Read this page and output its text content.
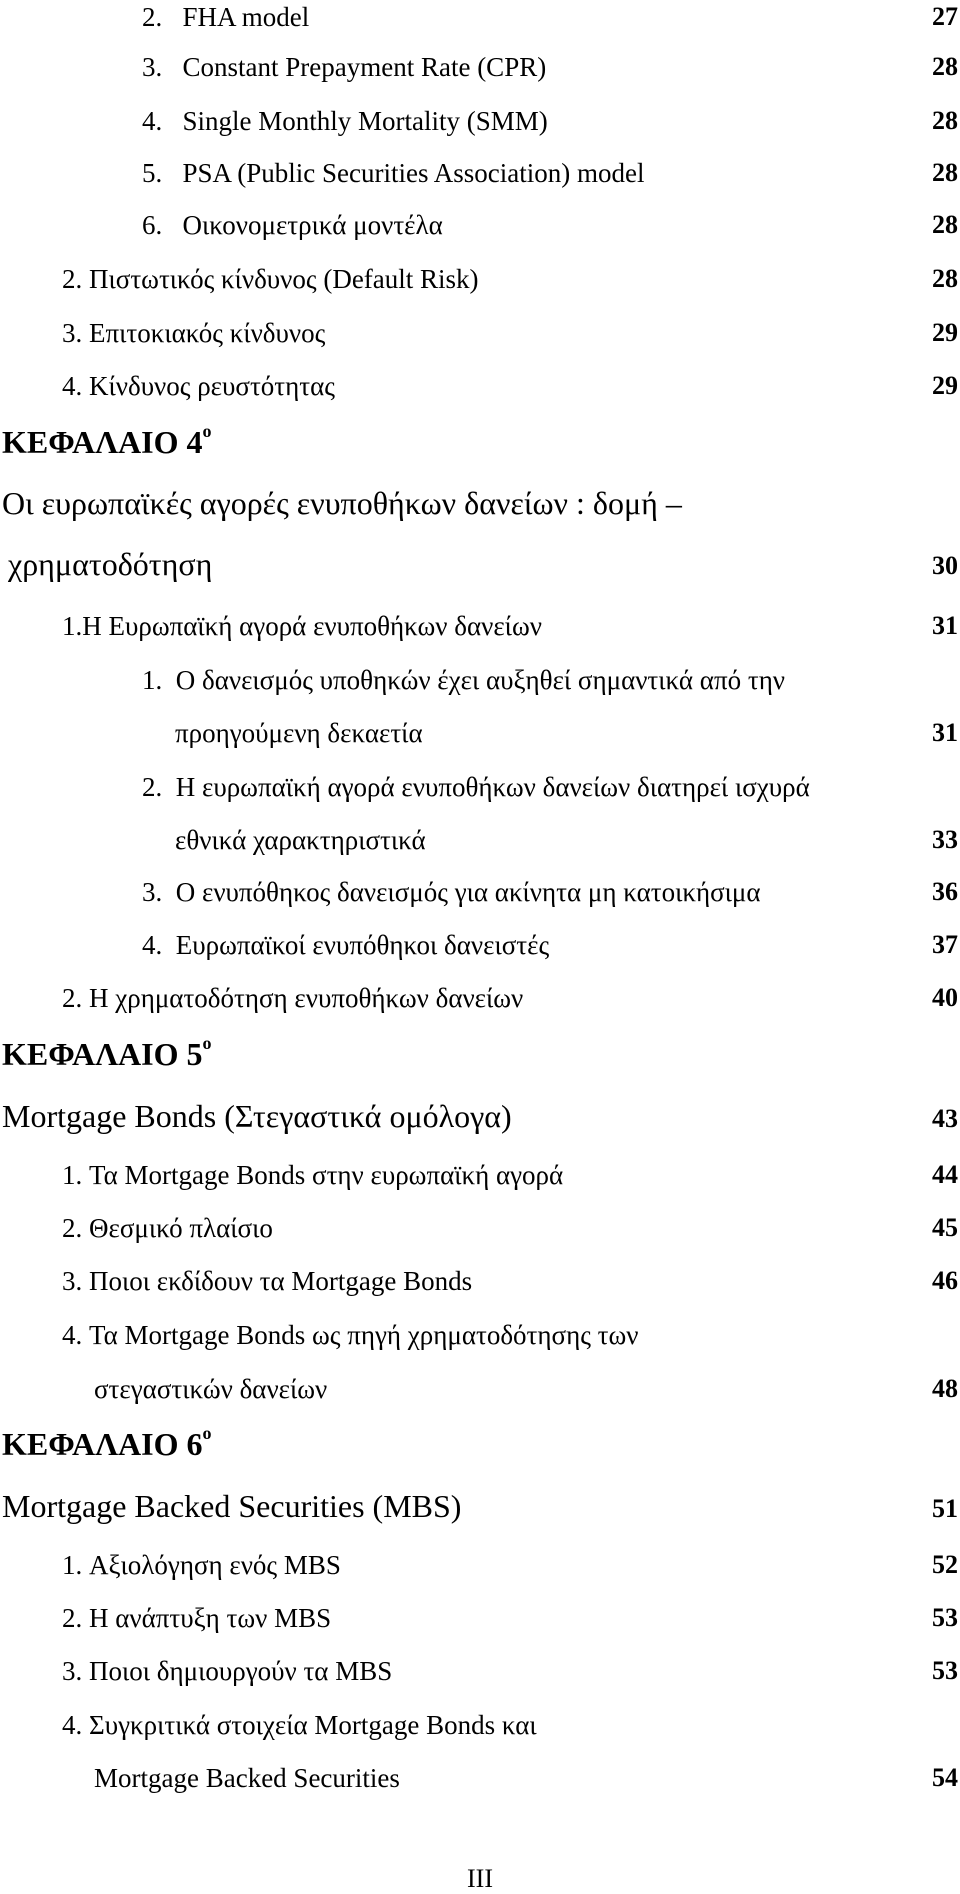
2. FHA model	27
3. Constant Prepayment Rate (CPR)	28
4. Single Monthly Mortality (SMM)	28
5. PSA (Public Securities Association) model	28
6. Οικονομετρικά μοντέλα	28
2. Πιστωτικός κίνδυνος (Default Risk)	28
3. Επιτοκιακός κίνδυνος	29
4. Κίνδυνος ρευστότητας	29
ΚΕΦΑΛΑΙΟ $4^o$
Οι ευρωπαϊκές αγορές ενυποθήκων δανείων : δομή –
χρηματοδότηση	30
1.Η Ευρωπαϊκή αγορά ενυποθήκων δανείων	31
1. Ο δανεισμός υποθηκών έχει αυξηθεί σημαντικά από την
προηγούμενη δεκαετία	31
2. Η ευρωπαϊκή αγορά ενυποθήκων δανείων διατηρεί ισχυρά
εθνικά χαρακτηριστικά	33
3. Ο ενυπόθηκος δανεισμός για ακίνητα μη κατοικήσιμα	36
4. Ευρωπαϊκοί ενυπόθηκοι δανειστές	37
2. Η χρηματοδότηση ενυποθήκων δανείων	40
ΚΕΦΑΛΑΙΟ $5^o$
Mortgage Bonds (Στεγαστικά ομόλογα)	43
1. Τα Mortgage Bonds στην ευρωπαϊκή αγορά	44
2. Θεσμικό πλαίσιο	45
3. Ποιοι εκδίδουν τα Mortgage Bonds	46
4. Τα Mortgage Bonds ως πηγή χρηματοδότησης των
στεγαστικών δανείων	48
ΚΕΦΑΛΑΙΟ $6^o$
Mortgage Backed Securities (MBS)	51
1. Αξιολόγηση ενός MBS	52
2. Η ανάπτυξη των MBS	53
3. Ποιοι δημιουργούν τα MBS	53
4. Συγκριτικά στοιχεία Mortgage Bonds και
Mortgage Backed Securities	54
III
